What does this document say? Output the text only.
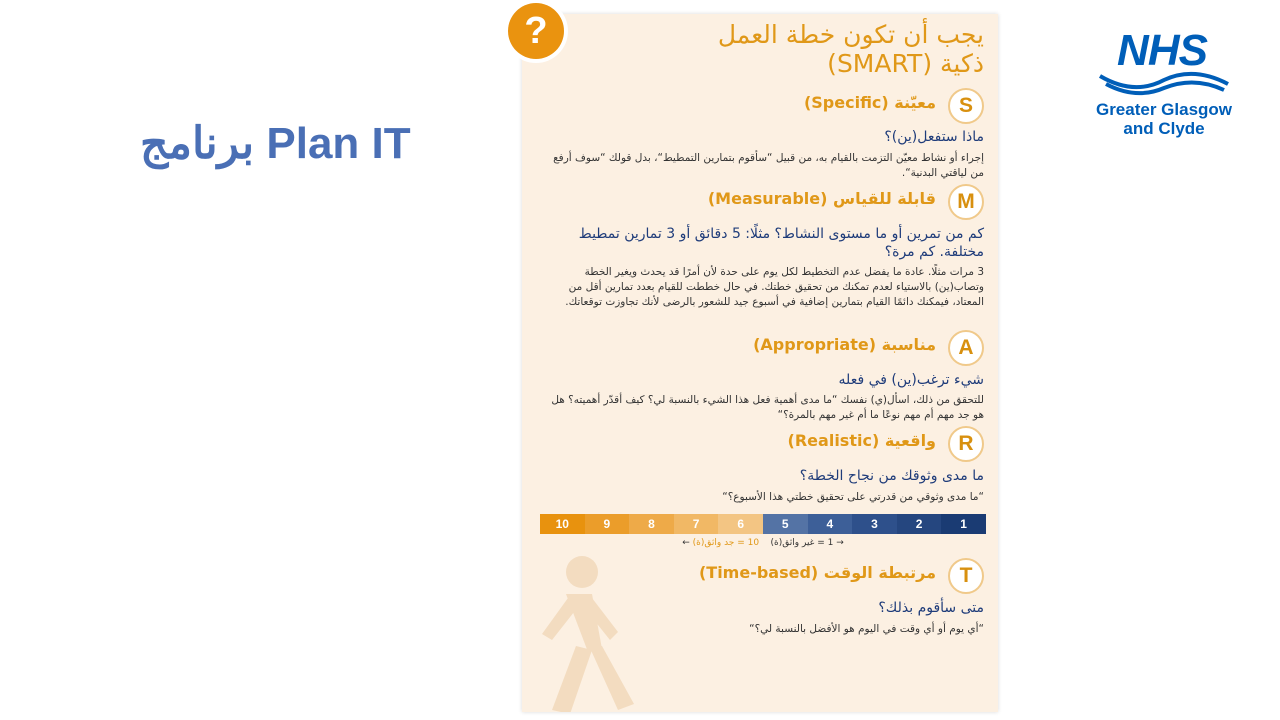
برنامج Plan IT
NHS
Greater Glasgow
and Clyde
يجب أن تكون خطة العمل
ذكية (SMART)
S
معيّنة (Specific)
ماذا ستفعل(ين)؟
إجراء أو نشاط معيّن التزمت بالقيام به، من قبيل “سأقوم بتمارين التمطيط“، بدل قولك “سوف أرفع من لياقتي البدنية“.
M
قابلة للقياس (Measurable)
كم من تمرين أو ما مستوى النشاط؟ مثلًا: 5 دقائق أو 3 تمارين تمطيط مختلفة. كم مرة؟
3 مرات مثلًا. عادة ما يفضل عدم التخطيط لكل يوم على حدة لأن أمرًا قد يحدث ويغير الخطة وتصاب(ين) بالاستياء لعدم تمكنك من تحقيق خطتك. في حال خططت للقيام بعدد تمارين أقل من المعتاد، فيمكنك دائمًا القيام بتمارين إضافية في أسبوع جيد للشعور بالرضى لأنك تجاوزت توقعاتك.
A
مناسبة (Appropriate)
شيء ترغب(ين) في فعله
للتحقق من ذلك، اسأل(ي) نفسك “ما مدى أهمية فعل هذا الشيء بالنسبة لي؟ كيف أقدّر أهميته؟ هل هو جد مهم أم مهم نوعًا ما أم غير مهم بالمرة؟“
R
واقعية (Realistic)
ما مدى وثوقك من نجاح الخطة؟
“ما مدى وثوقي من قدرتي على تحقيق خطتي هذا الأسبوع؟“
10	9	8	7	6	5	4	3	2	1
→ 1 = غير واثق(ة)    10 = جد واثق(ة) ←
T
مرتبطة الوقت (Time-based)
متى سأقوم بذلك؟
“أي يوم أو أي وقت في اليوم هو الأفضل بالنسبة لي؟“
?
